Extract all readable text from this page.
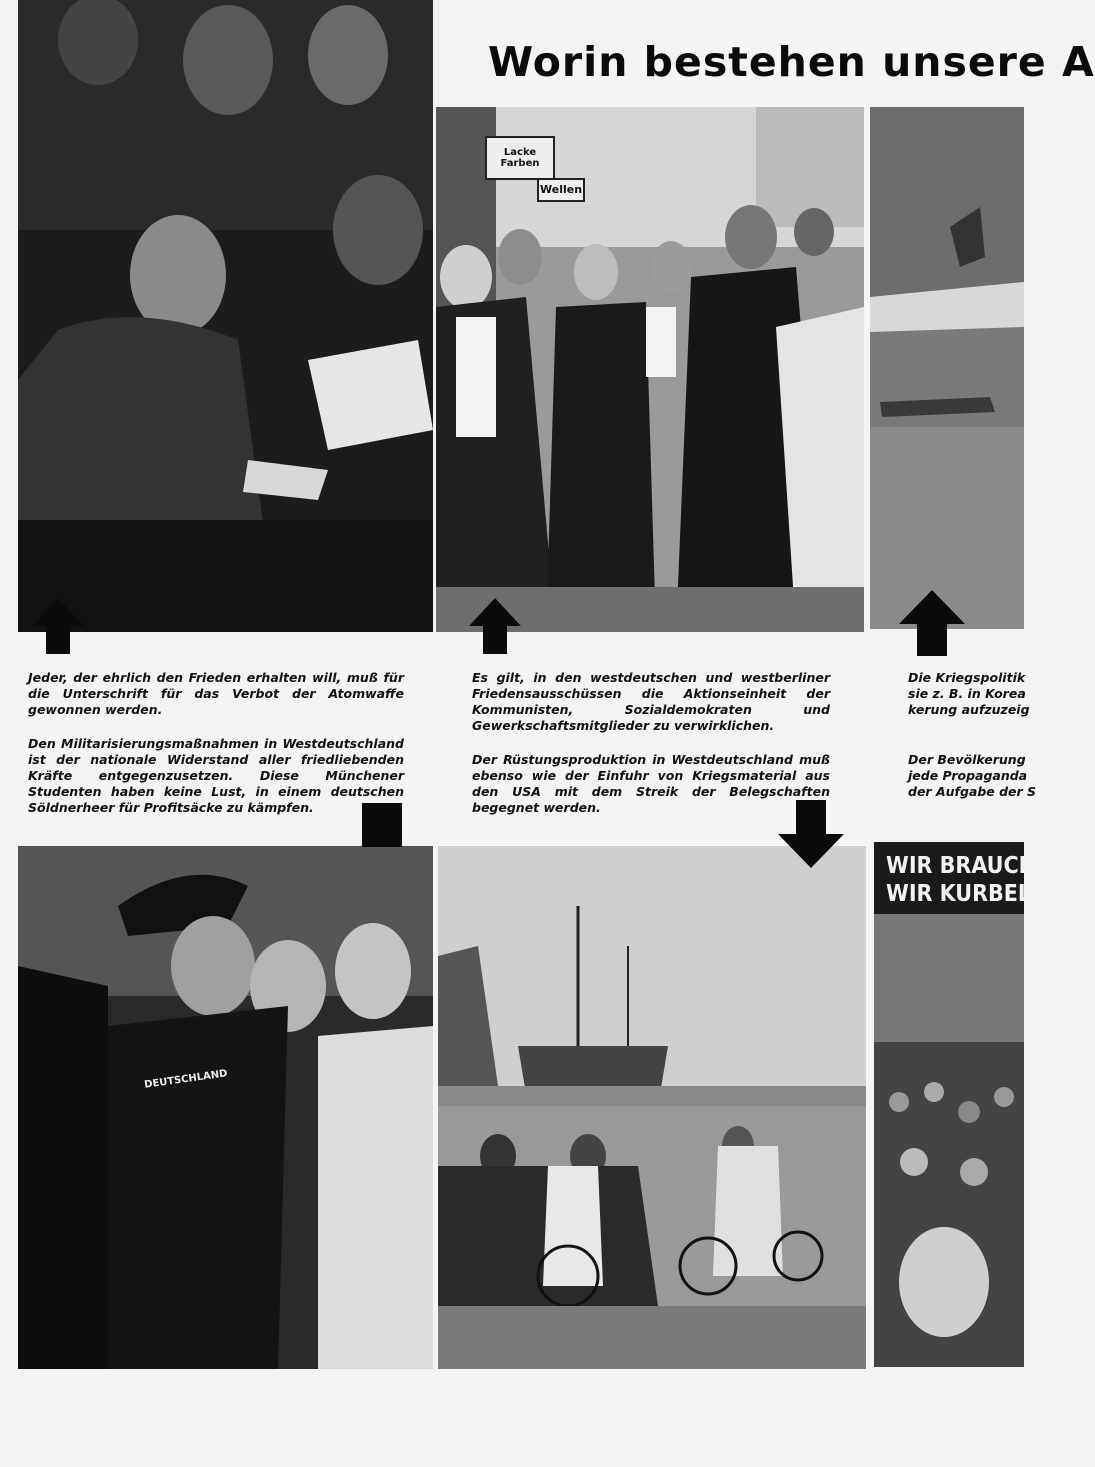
Worin bestehen unsere A
Lacke Farben
Wellen
DEUTSCHLAND
WIR BRAUCH
WIR KURBELN

Jeder, der ehrlich den Frieden erhalten will, muß für die Unterschrift für das Verbot der Atomwaffe gewonnen werden.

Den Militarisierungsmaßnahmen in Westdeutschland ist der nationale Widerstand aller friedliebenden Kräfte entgegenzusetzen. Diese Münchener Studenten haben keine Lust, in einem deutschen Söldnerheer für Profitsäcke zu kämpfen.

Es gilt, in den westdeutschen und westberliner Friedensausschüssen die Aktionseinheit der Kommunisten, Sozialdemokraten und Gewerkschaftsmitglieder zu verwirklichen.

Der Rüstungsproduktion in Westdeutschland muß ebenso wie der Einfuhr von Kriegsmaterial aus den USA mit dem Streik der Belegschaften begegnet werden.

Die Kriegspolitik
sie z. B. in Korea
kerung aufzuzeig
Der Bevölkerung
jede Propaganda
der Aufgabe der S
